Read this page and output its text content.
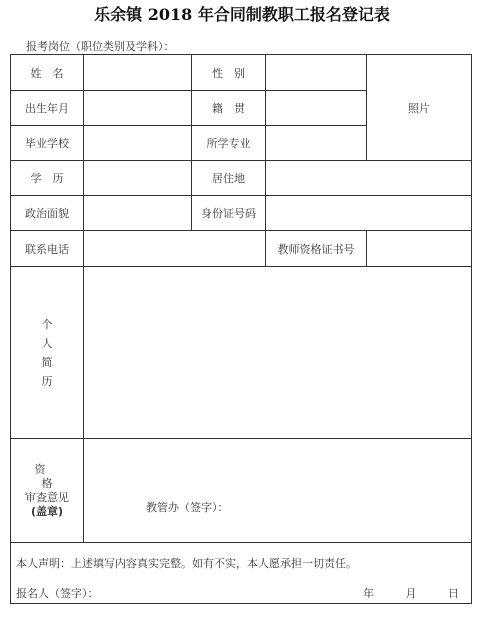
乐余镇 2018 年合同制教职工报名登记表
报考岗位（职位类别及学科）：
姓　名		性　别		照片
出生年月		籍　贯		
毕业学校		所学专业		
学　历		居住地		
政治面貌		身份证号码		
联系电话			教师资格证书号	
个人简历				
资格
审查意见
(盖章)	教管办（签字）：			

本人声明：上述填写内容真实完整。如有不实，本人愿承担一切责任。
报名人（签字）： 年 月 日				
